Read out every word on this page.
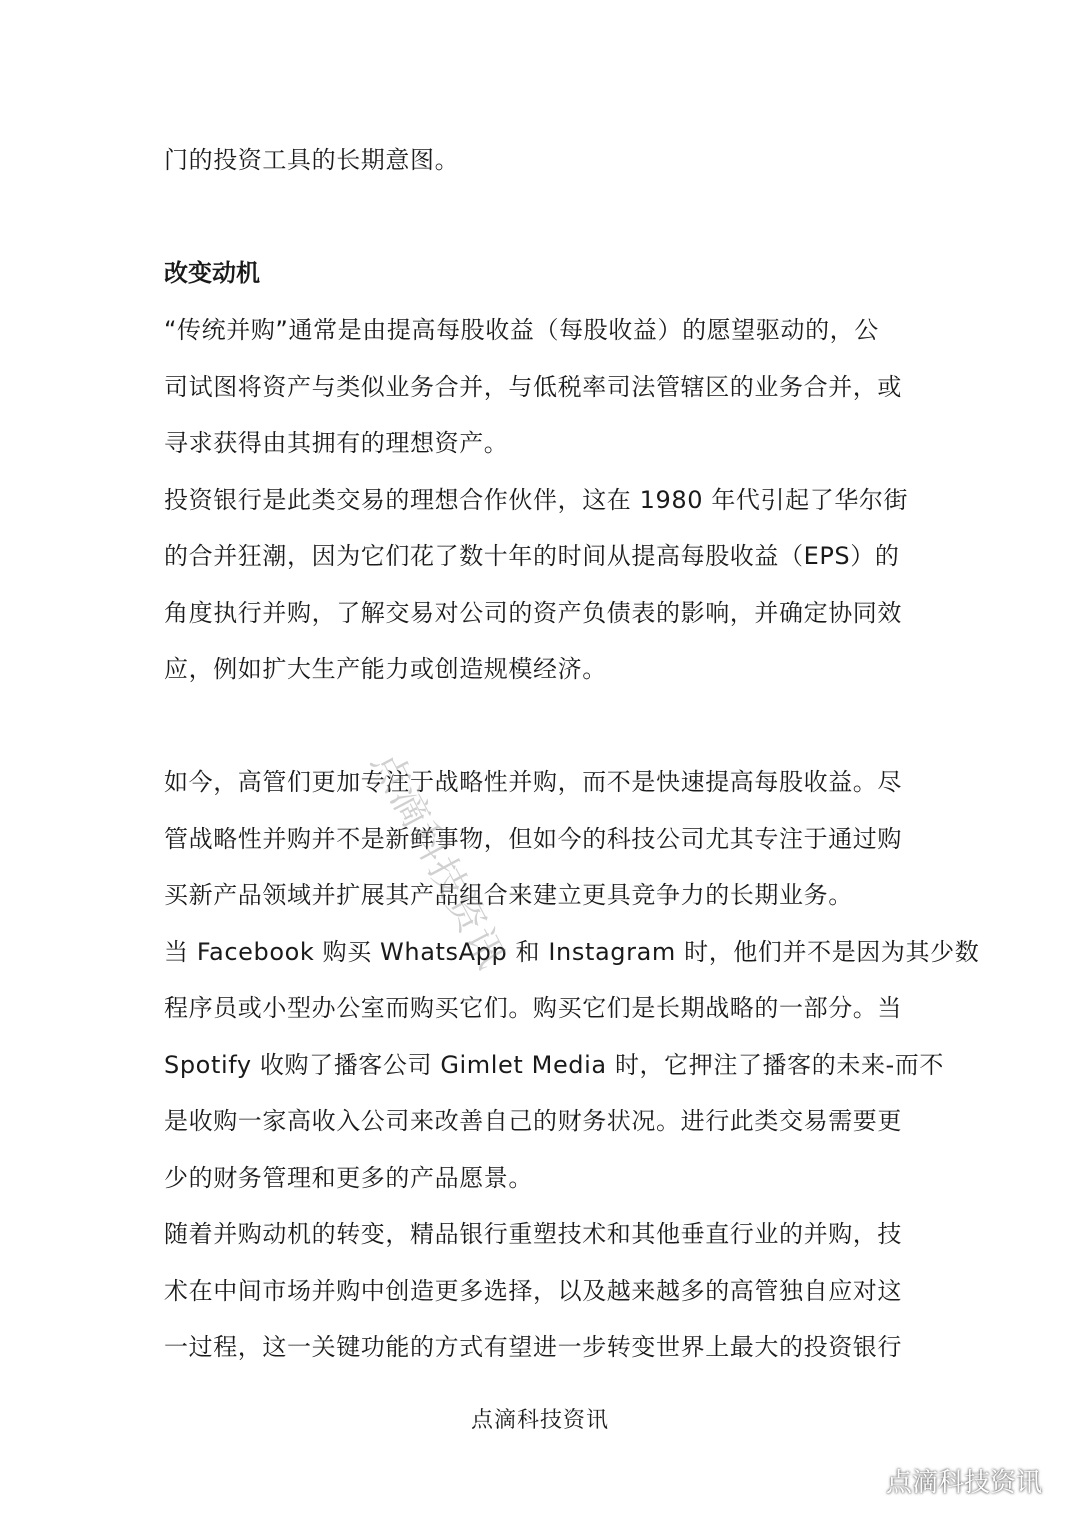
门的投资工具的长期意图。
改变动机
“传统并购”通常是由提高每股收益（每股收益）的愿望驱动的，公
司试图将资产与类似业务合并，与低税率司法管辖区的业务合并，或
寻求获得由其拥有的理想资产。
投资银行是此类交易的理想合作伙伴，这在 1980 年代引起了华尔街
的合并狂潮，因为它们花了数十年的时间从提高每股收益（EPS）的
角度执行并购，了解交易对公司的资产负债表的影响，并确定协同效
应，例如扩大生产能力或创造规模经济。
如今，高管们更加专注于战略性并购，而不是快速提高每股收益。尽
管战略性并购并不是新鲜事物，但如今的科技公司尤其专注于通过购
买新产品领域并扩展其产品组合来建立更具竞争力的长期业务。
当 Facebook 购买 WhatsApp 和 Instagram 时，他们并不是因为其少数
程序员或小型办公室而购买它们。购买它们是长期战略的一部分。当
Spotify 收购了播客公司 Gimlet Media 时，它押注了播客的未来-而不
是收购一家高收入公司来改善自己的财务状况。进行此类交易需要更
少的财务管理和更多的产品愿景。
随着并购动机的转变，精品银行重塑技术和其他垂直行业的并购，技
术在中间市场并购中创造更多选择，以及越来越多的高管独自应对这
一过程，这一关键功能的方式有望进一步转变世界上最大的投资银行
点滴科技资讯
点滴科技资讯
点滴科技资讯
